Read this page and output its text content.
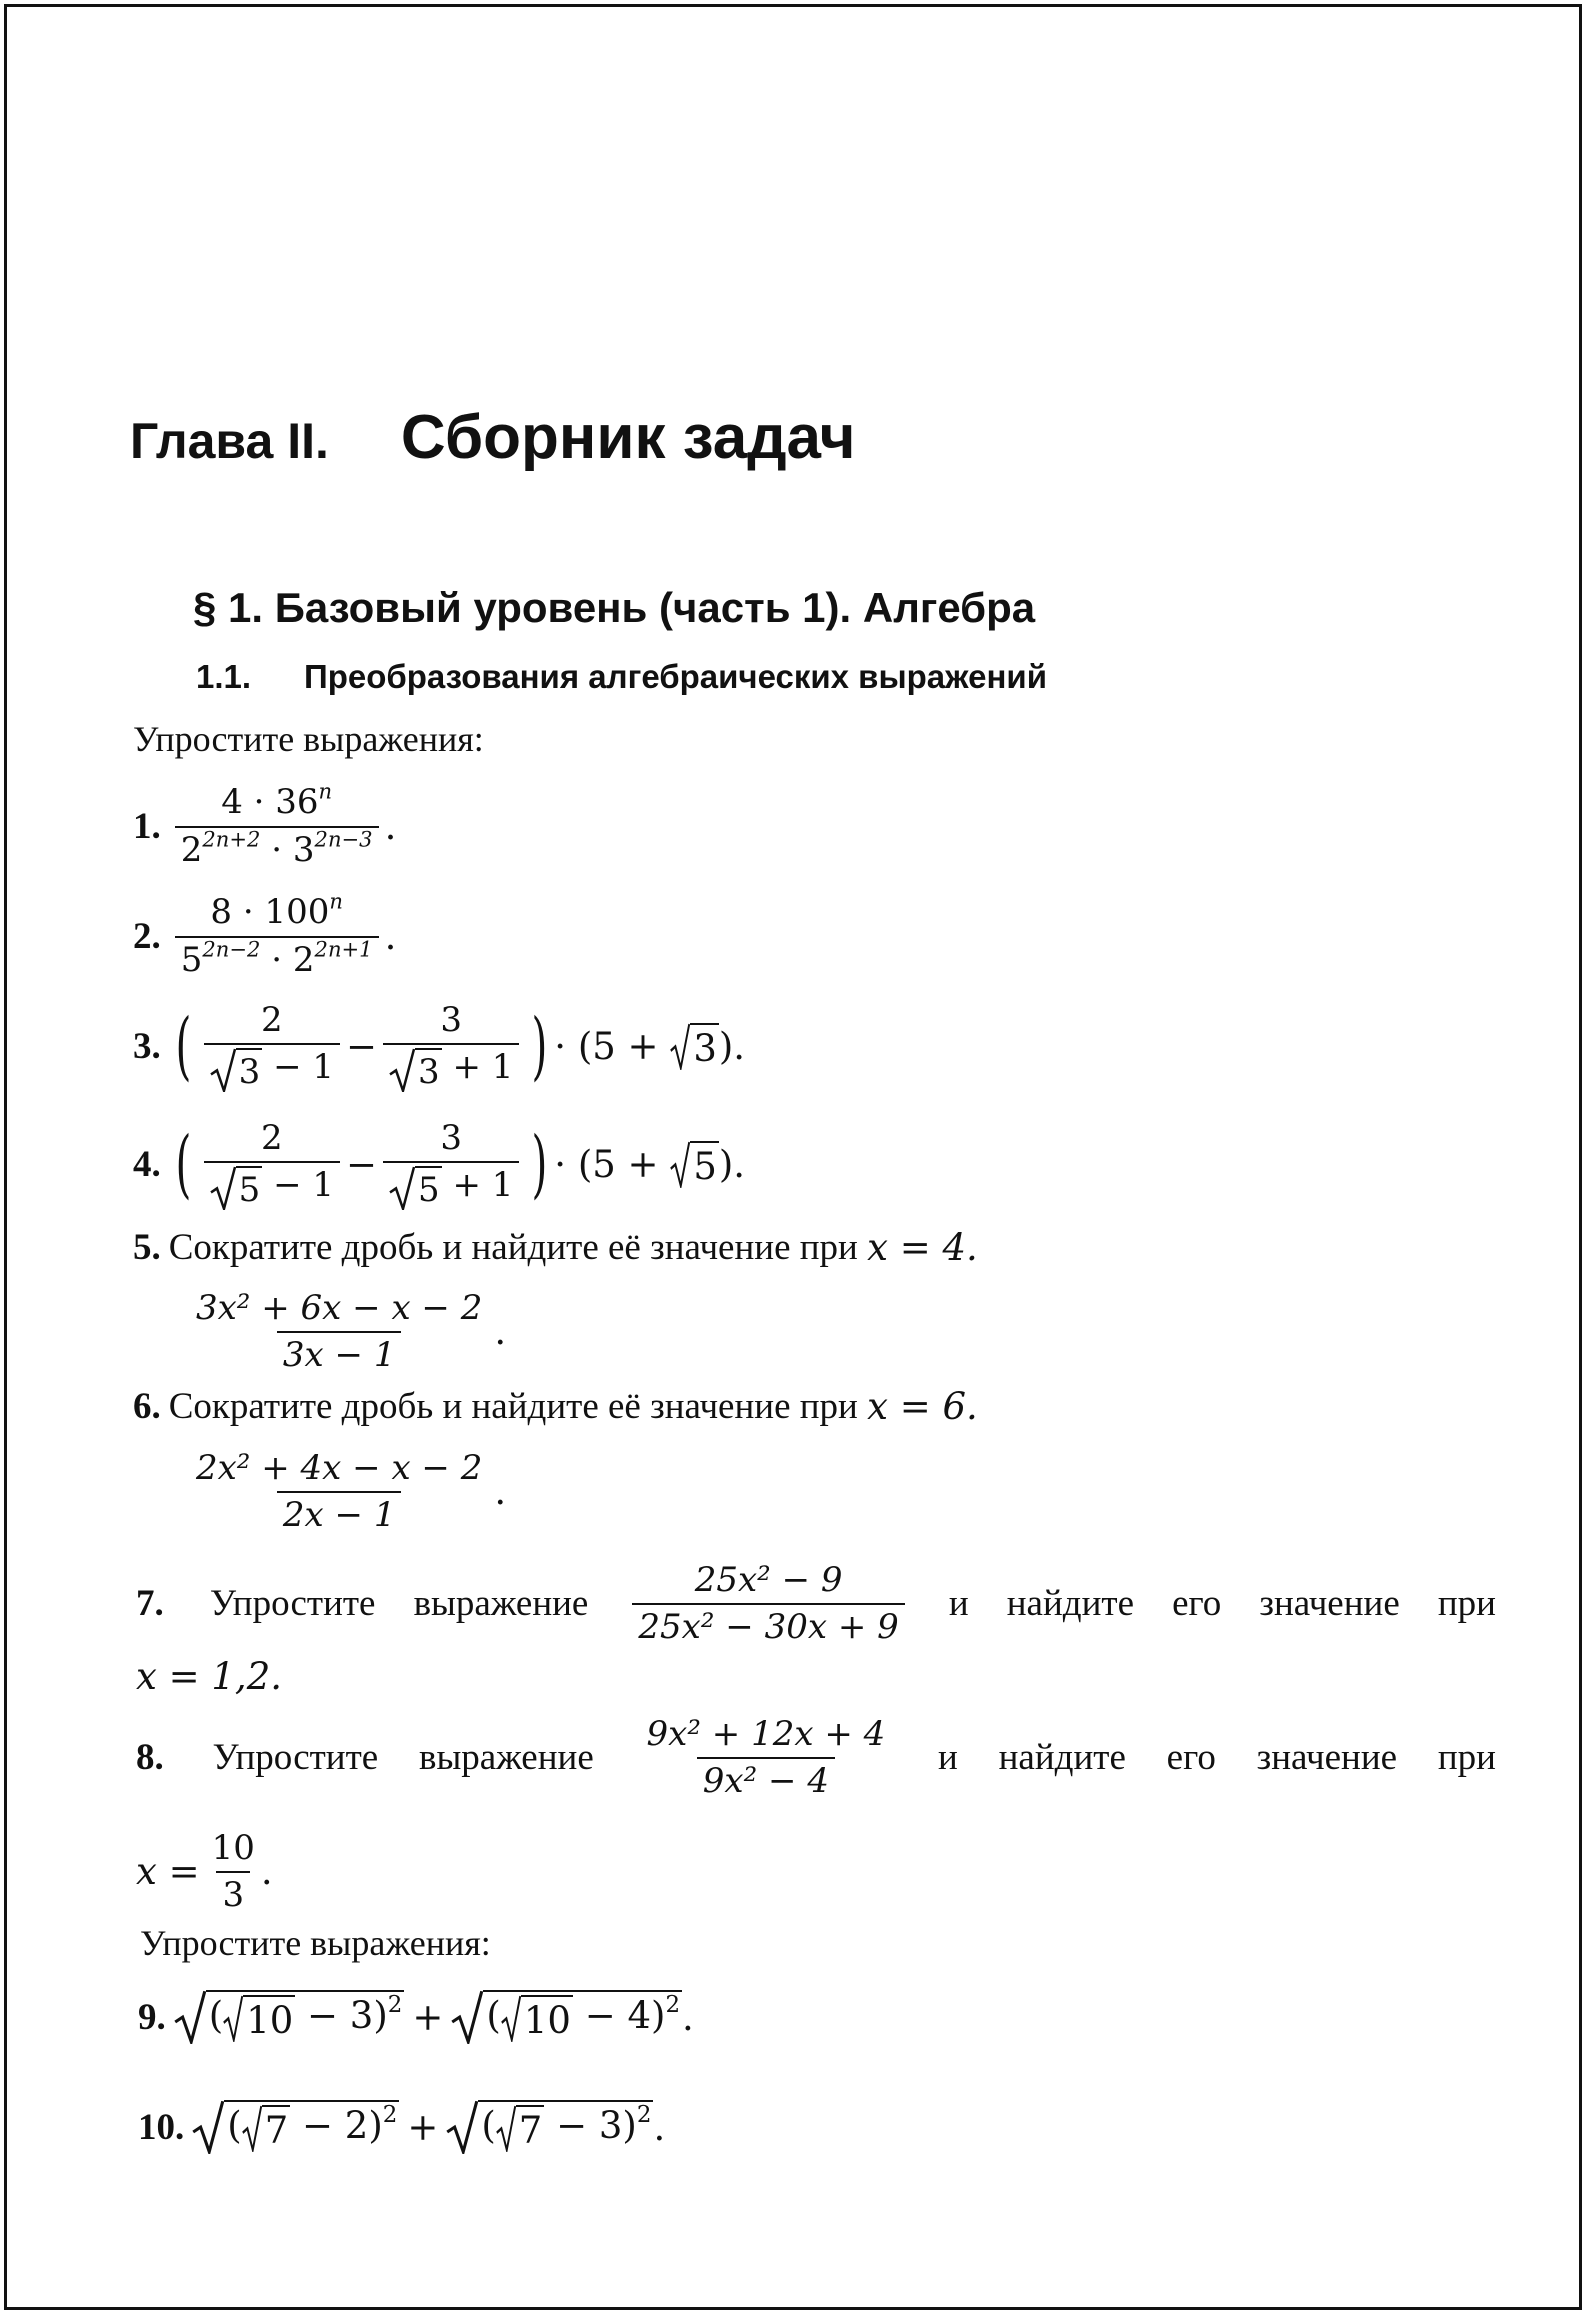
Глава II. Сборник задач
§ 1. Базовый уровень (часть 1). Алгебра
1.1. Преобразования алгебраических выражений
Упростите выражения:
1. $\frac{4 \cdot 36^n}{2^{2n+2} \cdot 3^{2n-3}}$ .
2. $\frac{8 \cdot 100^n}{5^{2n-2} \cdot 2^{2n+1}}$ .
3. ( $\frac{2}{3 - 1} - \frac{3}{3 + 1}$ ) · (5 + 3 ).
4. ( $\frac{2}{5 - 1} - \frac{3}{5 + 1}$ ) · (5 + 5 ).
5. Сократите дробь и найдите её значение при x = 4.
$\frac{\text{3x² + 6x − x − 2}}{3x - 1}$ .
6. Сократите дробь и найдите её значение при x = 6.
$\frac{\text{2x² + 4x − x − 2}}{2x - 1}$ .
7. Упростите выражение $\frac{\text{25x² − 9}}{\text{25x² − 30x + 9}}$ и найдите его значение при
x = 1,2.
8. Упростите выражение $\frac{\text{9x² + 12x + 4}}{\text{9x² − 4}}$ и найдите его значение при
$x = \frac{10}{3}$ .
Упростите выражения:
9. ( 10 − 3)$^2$ + ( 10 − 4)$^2$ .
10. ( 7 − 2)$^2$ + ( 7 − 3)$^2$ .
